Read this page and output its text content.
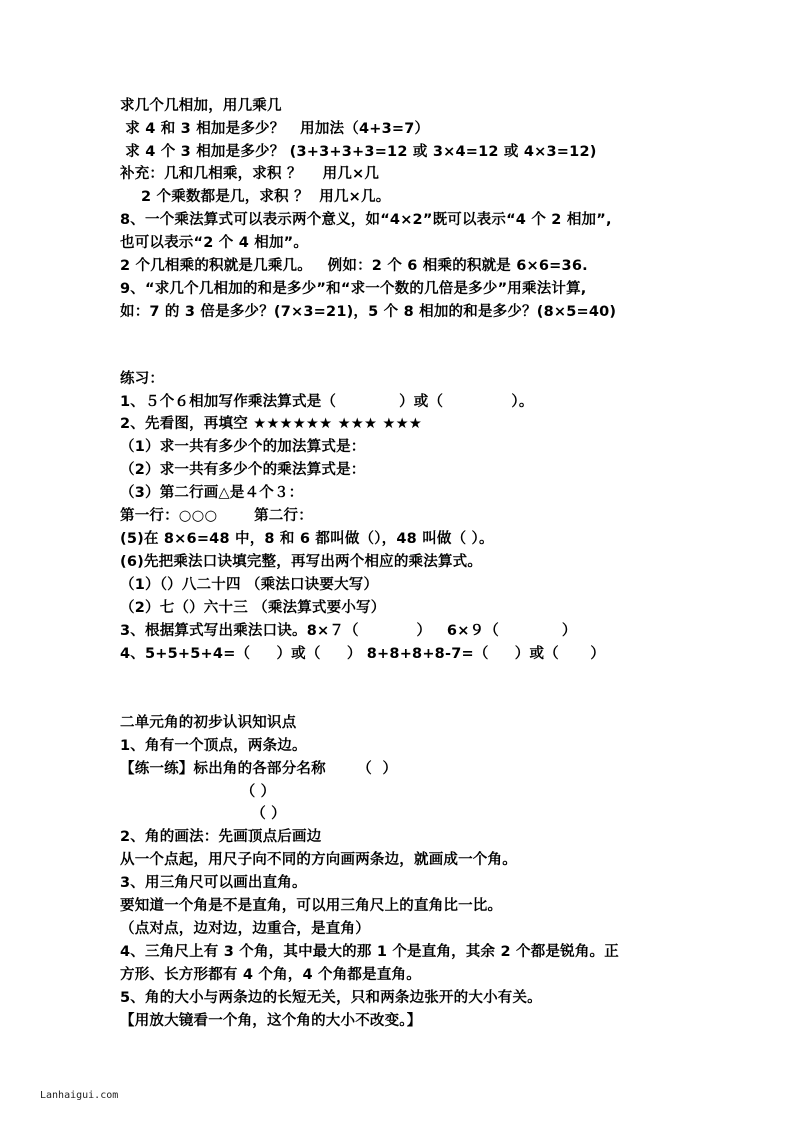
求几个几相加，用几乘几
求 4 和 3 相加是多少？   用加法（4+3=7）
求 4 个 3 相加是多少？ (3+3+3+3=12 或 3×4=12 或 4×3=12)
补充：几和几相乘，求积 ？    用几×几
2 个乘数都是几，求积 ？  用几×几。
8、一个乘法算式可以表示两个意义，如“4×2”既可以表示“4 个 2 相加”,
也可以表示“2 个 4 相加”。
2 个几相乘的积就是几乘几。   例如：2 个 6 相乘的积就是 6×6=36.
9、“求几个几相加的和是多少”和“求一个数的几倍是多少”用乘法计算,
如：7 的 3 倍是多少？(7×3=21)，5 个 8 相加的和是多少？(8×5=40)
练习：
1、５个６相加写作乘法算式是（            ）或（             ）。
2、先看图，再填空 ★★★★★★ ★★★ ★★★
（1）求一共有多少个的加法算式是：
（2）求一共有多少个的乘法算式是：
（3）第二行画△是４个３：
第一行：○○○       第二行：
(5)在 8×6=48 中，8 和 6 都叫做（），48 叫做（ ）。
(6)先把乘法口诀填完整，再写出两个相应的乘法算式。
（1）（）八二十四 （乘法口诀要大写）
（2）七（）六十三 （乘法算式要小写）
3、根据算式写出乘法口诀。8×７（           ）   6×９（            ）
4、5+5+5+4=（     ）或（     ） 8+8+8+8-7=（     ）或（      ）
二单元角的初步认识知识点
1、角有一个顶点，两条边。
【练一练】标出角的各部分名称      （  ）
（ ）
（ ）
2、角的画法：先画顶点后画边
从一个点起，用尺子向不同的方向画两条边，就画成一个角。
3、用三角尺可以画出直角。
要知道一个角是不是直角，可以用三角尺上的直角比一比。
（点对点，边对边，边重合，是直角）
4、三角尺上有 3 个角，其中最大的那 1 个是直角，其余 2 个都是锐角。正
方形、长方形都有 4 个角，4 个角都是直角。
5、角的大小与两条边的长短无关，只和两条边张开的大小有关。
【用放大镜看一个角，这个角的大小不改变。】
Lanhaigui.com
